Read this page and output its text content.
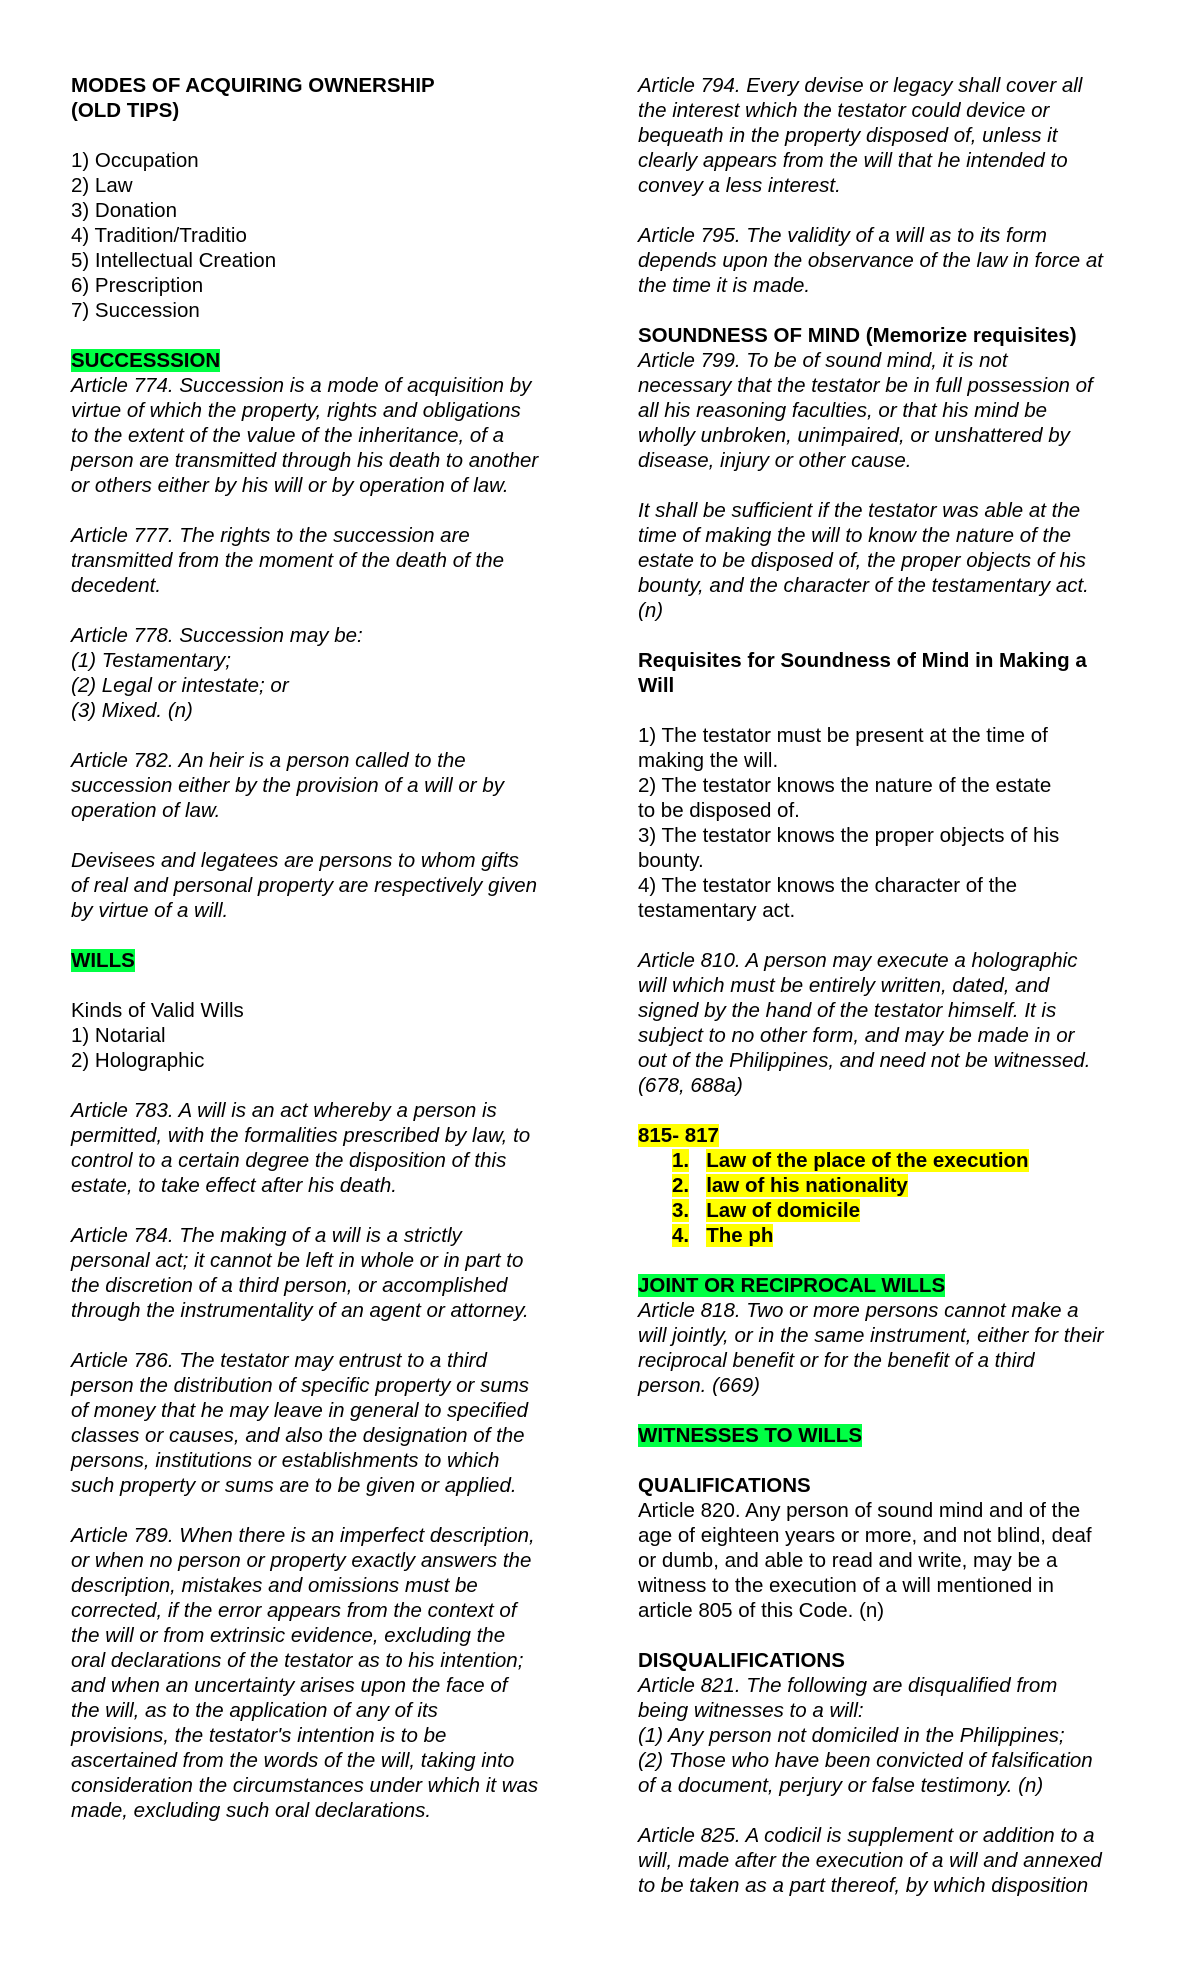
MODES OF ACQUIRING OWNERSHIP
(OLD TIPS)
1) Occupation
2) Law
3) Donation
4) Tradition/Traditio
5) Intellectual Creation
6) Prescription
7) Succession
SUCCESSSION
Article 774. Succession is a mode of acquisition by
virtue of which the property, rights and obligations
to the extent of the value of the inheritance, of a
person are transmitted through his death to another
or others either by his will or by operation of law.
Article 777. The rights to the succession are
transmitted from the moment of the death of the
decedent.
Article 778. Succession may be:
(1) Testamentary;
(2) Legal or intestate; or
(3) Mixed. (n)
Article 782. An heir is a person called to the
succession either by the provision of a will or by
operation of law.
Devisees and legatees are persons to whom gifts
of real and personal property are respectively given
by virtue of a will.
WILLS
Kinds of Valid Wills
1) Notarial
2) Holographic
Article 783. A will is an act whereby a person is
permitted, with the formalities prescribed by law, to
control to a certain degree the disposition of this
estate, to take effect after his death.
Article 784. The making of a will is a strictly
personal act; it cannot be left in whole or in part to
the discretion of a third person, or accomplished
through the instrumentality of an agent or attorney.
Article 786. The testator may entrust to a third
person the distribution of specific property or sums
of money that he may leave in general to specified
classes or causes, and also the designation of the
persons, institutions or establishments to which
such property or sums are to be given or applied.
Article 789. When there is an imperfect description,
or when no person or property exactly answers the
description, mistakes and omissions must be
corrected, if the error appears from the context of
the will or from extrinsic evidence, excluding the
oral declarations of the testator as to his intention;
and when an uncertainty arises upon the face of
the will, as to the application of any of its
provisions, the testator's intention is to be
ascertained from the words of the will, taking into
consideration the circumstances under which it was
made, excluding such oral declarations.
Article 794. Every devise or legacy shall cover all
the interest which the testator could device or
bequeath in the property disposed of, unless it
clearly appears from the will that he intended to
convey a less interest.
Article 795. The validity of a will as to its form
depends upon the observance of the law in force at
the time it is made.
SOUNDNESS OF MIND (Memorize requisites)
Article 799. To be of sound mind, it is not
necessary that the testator be in full possession of
all his reasoning faculties, or that his mind be
wholly unbroken, unimpaired, or unshattered by
disease, injury or other cause.
It shall be sufficient if the testator was able at the
time of making the will to know the nature of the
estate to be disposed of, the proper objects of his
bounty, and the character of the testamentary act.
(n)
Requisites for Soundness of Mind in Making a
Will
1) The testator must be present at the time of
making the will.
2) The testator knows the nature of the estate
to be disposed of.
3) The testator knows the proper objects of his
bounty.
4) The testator knows the character of the
testamentary act.
Article 810. A person may execute a holographic
will which must be entirely written, dated, and
signed by the hand of the testator himself. It is
subject to no other form, and may be made in or
out of the Philippines, and need not be witnessed.
(678, 688a)
815- 817
1. Law of the place of the execution
2. law of his nationality
3. Law of domicile
4. The ph
JOINT OR RECIPROCAL WILLS
Article 818. Two or more persons cannot make a
will jointly, or in the same instrument, either for their
reciprocal benefit or for the benefit of a third
person. (669)
WITNESSES TO WILLS
QUALIFICATIONS
Article 820. Any person of sound mind and of the
age of eighteen years or more, and not blind, deaf
or dumb, and able to read and write, may be a
witness to the execution of a will mentioned in
article 805 of this Code. (n)
DISQUALIFICATIONS
Article 821. The following are disqualified from
being witnesses to a will:
(1) Any person not domiciled in the Philippines;
(2) Those who have been convicted of falsification
of a document, perjury or false testimony. (n)
Article 825. A codicil is supplement or addition to a
will, made after the execution of a will and annexed
to be taken as a part thereof, by which disposition
